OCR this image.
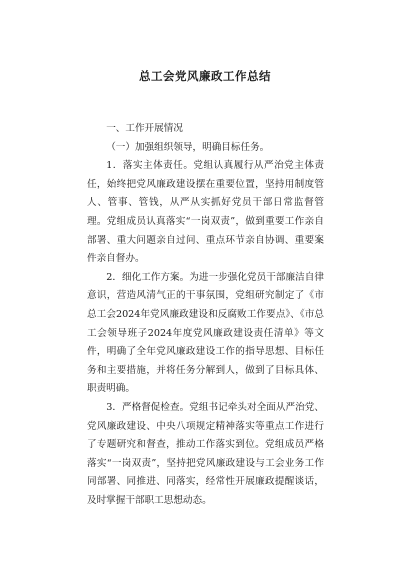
总工会党风廉政工作总结

一、工作开展情况

（一）加强组织领导，明确目标任务。

1．落实主体责任。党组认真履行从严治党主体责任，始终把党风廉政建设摆在重要位置，坚持用制度管人、管事、管钱，从严从实抓好党员干部日常监督管理。党组成员认真落实“一岗双责”，做到重要工作亲自部署、重大问题亲自过问、重点环节亲自协调、重要案件亲自督办。

2．细化工作方案。为进一步强化党员干部廉洁自律意识，营造风清气正的干事氛围，党组研究制定了《市总工会2024年党风廉政建设和反腐败工作要点》、《市总工会领导班子2024年度党风廉政建设责任清单》等文件，明确了全年党风廉政建设工作的指导思想、目标任务和主要措施，并将任务分解到人，做到了目标具体、职责明确。

3．严格督促检查。党组书记牵头对全面从严治党、党风廉政建设、中央八项规定精神落实等重点工作进行了专题研究和督查，推动工作落实到位。党组成员严格落实“一岗双责”，坚持把党风廉政建设与工会业务工作同部署、同推进、同落实，经常性开展廉政提醒谈话，及时掌握干部职工思想动态。
